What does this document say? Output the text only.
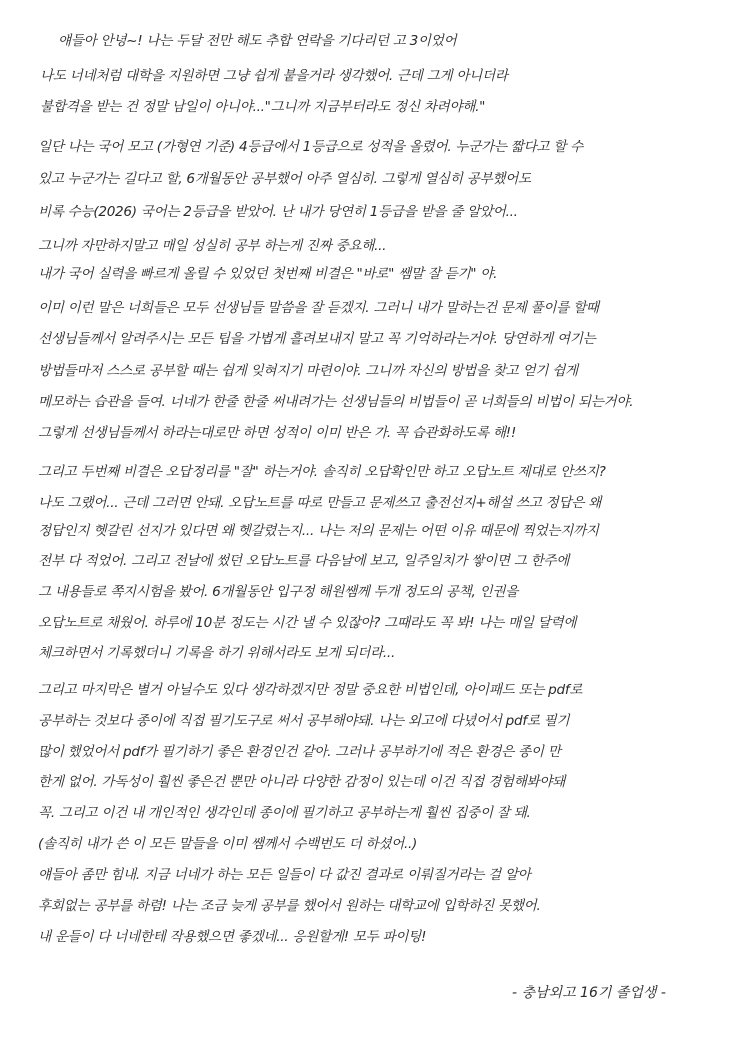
얘들아 안녕~! 나는 두달 전만 해도 추합 연락을 기다리던 고 3이었어
나도 너네처럼 대학을 지원하면 그냥 쉽게 붙을거라 생각했어. 근데 그게 아니더라
불합격을 받는 건 정말 남일이 아니야..."그니까 지금부터라도 정신 차려야해."
일단 나는 국어 모고 (가형연 기준) 4등급에서 1등급으로 성적을 올렸어. 누군가는 짧다고 할 수
있고 누군가는 길다고 할, 6개월동안 공부했어 아주 열심히. 그렇게 열심히 공부했어도
비록 수능(2026) 국어는 2등급을 받았어. 난 내가 당연히 1등급을 받을 줄 알았어...
그니까 자만하지말고 매일 성실히 공부 하는게 진짜 중요해...
내가 국어 실력을 빠르게 올릴 수 있었던 첫번째 비결은 "바로" 쌤말 잘 듣기" 야.
이미 이런 말은 너희들은 모두 선생님들 말씀을 잘 듣겠지. 그러니 내가 말하는건 문제 풀이를 할때
선생님들께서 알려주시는 모든 팁을 가볍게 흘려보내지 말고 꼭 기억하라는거야. 당연하게 여기는
방법들마저 스스로 공부할 때는 쉽게 잊혀지기 마련이야. 그니까 자신의 방법을 찾고 얻기 쉽게
메모하는 습관을 들여. 너네가 한줄 한줄 써내려가는 선생님들의 비법들이 곧 너희들의 비법이 되는거야.
그렇게 선생님들께서 하라는대로만 하면 성적이 이미 반은 가. 꼭 습관화하도록 해!!
그리고 두번째 비결은 오답정리를 "잘" 하는거야. 솔직히 오답확인만 하고 오답노트 제대로 안쓰지?
나도 그랬어... 근데 그러면 안돼. 오답노트를 따로 만들고 문제쓰고 출전선지+해설 쓰고 정답은 왜
정답인지 헷갈린 선지가 있다면 왜 헷갈렸는지... 나는 저의 문제는 어떤 이유 때문에 찍었는지까지
전부 다 적었어. 그리고 전날에 썼던 오답노트를 다음날에 보고, 일주일치가 쌓이면 그 한주에
그 내용들로 쪽지시험을 봤어. 6개월동안 입구정 해원쌤께 두개 정도의 공책, 인권을
오답노트로 채웠어. 하루에 10분 정도는 시간 낼 수 있잖아? 그때라도 꼭 봐! 나는 매일 달력에
체크하면서 기록했더니 기록을 하기 위해서라도 보게 되더라...
그리고 마지막은 별거 아닐수도 있다 생각하겠지만 정말 중요한 비법인데, 아이패드 또는 pdf로
공부하는 것보다 종이에 직접 필기도구로 써서 공부해야돼. 나는 외고에 다녔어서 pdf로 필기
많이 했었어서 pdf가 필기하기 좋은 환경인건 같아. 그러나 공부하기에 적은 환경은 종이 만
한게 없어. 가독성이 훨씬 좋은건 뿐만 아니라 다양한 감정이 있는데 이건 직접 경험해봐야돼
꼭. 그리고 이건 내 개인적인 생각인데 종이에 필기하고 공부하는게 훨씬 집중이 잘 돼.
(솔직히 내가 쓴 이 모든 말들을 이미 쌤께서 수백번도 더 하셨어..)
얘들아 좀만 힘내. 지금 너네가 하는 모든 일들이 다 값진 결과로 이뤄질거라는 걸 알아
후회없는 공부를 하렴! 나는 조금 늦게 공부를 했어서 원하는 대학교에 입학하진 못했어.
내 운들이 다 너네한테 작용했으면 좋겠네... 응원할게! 모두 파이팅!
- 충남외고 16기 졸업생 -
